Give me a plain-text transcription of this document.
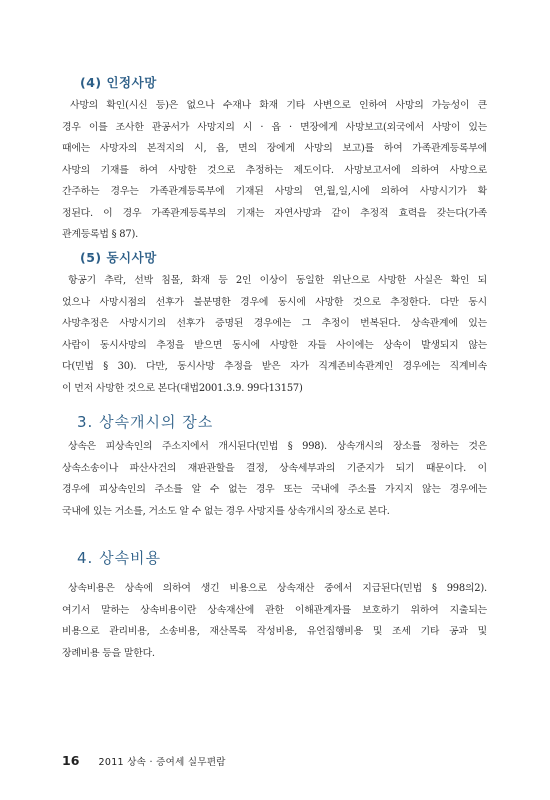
(4) 인정사망
사망의 확인(시신 등)은 없으나 수재나 화재 기타 사변으로 인하여 사망의 가능성이 큰
경우 이를 조사한 관공서가 사망지의 시 · 읍 · 면장에게 사망보고(외국에서 사망이 있는
때에는 사망자의 본적지의 시, 읍, 면의 장에게 사망의 보고)를 하여 가족관계등록부에
사망의 기재를 하여 사망한 것으로 추정하는 제도이다. 사망보고서에 의하여 사망으로
간주하는 경우는 가족관계등록부에 기재된 사망의 연,월,일,시에 의하여 사망시기가 확
정된다. 이 경우 가족관계등록부의 기재는 자연사망과 같이 추정적 효력을 갖는다(가족
관계등록법 § 87).
(5) 동시사망
항공기 추락, 선박 침몰, 화재 등 2인 이상이 동일한 위난으로 사망한 사실은 확인 되
었으나 사망시점의 선후가 불분명한 경우에 동시에 사망한 것으로 추정한다. 다만 동시
사망추정은 사망시기의 선후가 증명된 경우에는 그 추정이 번복된다. 상속관계에 있는
사람이 동시사망의 추정을 받으면 동시에 사망한 자들 사이에는 상속이 발생되지 않는
다(민법 § 30). 다만, 동시사망 추정을 받은 자가 직계존비속관계인 경우에는 직계비속
이 먼저 사망한 것으로 본다(대법2001.3.9. 99다13157)
3. 상속개시의 장소
상속은 피상속인의 주소지에서 개시된다(민법 § 998). 상속개시의 장소를 정하는 것은
상속소송이나 파산사건의 재판관할을 결정, 상속세부과의 기준지가 되기 때문이다. 이
경우에 피상속인의 주소를 알 수 없는 경우 또는 국내에 주소를 가지지 않는 경우에는
국내에 있는 거소를, 거소도 알 수 없는 경우 사망지를 상속개시의 장소로 본다.
4. 상속비용
상속비용은 상속에 의하여 생긴 비용으로 상속재산 중에서 지급된다(민법 § 998의2).
여기서 말하는 상속비용이란 상속재산에 관한 이해관계자를 보호하기 위하여 지출되는
비용으로 관리비용, 소송비용, 재산목록 작성비용, 유언집행비용 및 조세 기타 공과 및
장례비용 등을 말한다.
16 2011 상속 · 증여세 실무편람
